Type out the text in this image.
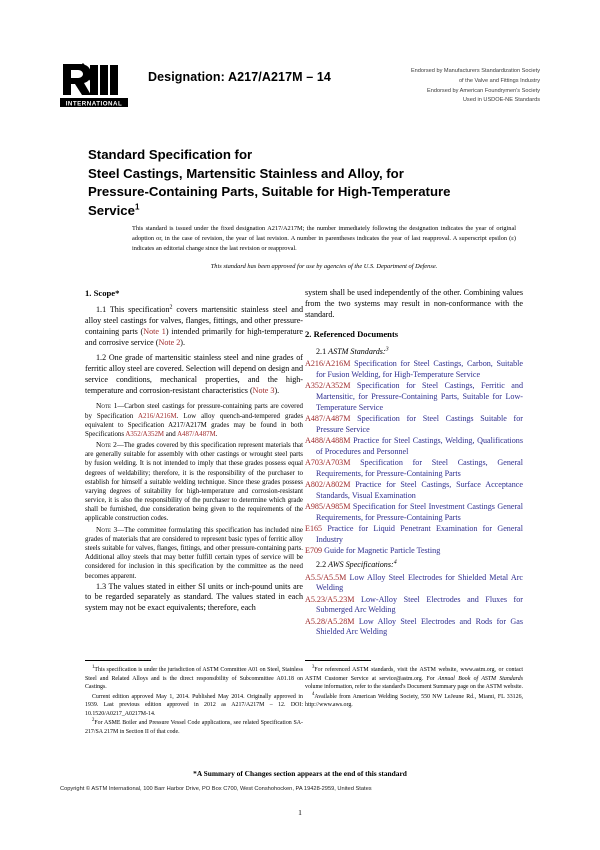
INTERNATIONAL
Designation: A217/A217M – 14	Endorsed by Manufacturers Standardization Society
of the Valve and Fittings Industry
Endorsed by American Foundrymen's Society
Used in USDOE-NE Standards
Standard Specification for
Steel Castings, Martensitic Stainless and Alloy, for
Pressure-Containing Parts, Suitable for High-Temperature
Service$^1$
This standard is issued under the fixed designation A217/A217M; the number immediately following the designation indicates the year of original adoption or, in the case of revision, the year of last revision. A number in parentheses indicates the year of last reapproval. A superscript epsilon (ε) indicates an editorial change since the last revision or reapproval.
This standard has been approved for use by agencies of the U.S. Department of Defense.
1. Scope*

1.1 This specification$^2$ covers martensitic stainless steel and alloy steel castings for valves, flanges, fittings, and other pressure-containing parts (Note 1) intended primarily for high-temperature and corrosive service (Note 2).

1.2 One grade of martensitic stainless steel and nine grades of ferritic alloy steel are covered. Selection will depend on design and service conditions, mechanical properties, and the high-temperature and corrosion-resistant characteristics (Note 3).

Note 1—Carbon steel castings for pressure-containing parts are covered by Specification A216/A216M. Low alloy quench-and-tempered grades equivalent to Specification A217/A217M grades may be found in both Specifications A352/A352M and A487/A487M.

Note 2—The grades covered by this specification represent materials that are generally suitable for assembly with other castings or wrought steel parts by fusion welding. It is not intended to imply that these grades possess equal degrees of weldability; therefore, it is the responsibility of the purchaser to establish for himself a suitable welding technique. Since these grades possess varying degrees of suitability for high-temperature and corrosion-resistant service, it is also the responsibility of the purchaser to determine which grade shall be furnished, due consideration being given to the requirements of the applicable construction codes.

Note 3—The committee formulating this specification has included nine grades of materials that are considered to represent basic types of ferritic alloy steels suitable for valves, flanges, fittings, and other pressure-containing parts. Additional alloy steels that may better fulfill certain types of service will be considered for inclusion in this specification by the committee as the need becomes apparent.

1.3 The values stated in either SI units or inch-pound units are to be regarded separately as standard. The values stated in each system may not be exact equivalents; therefore, each

system shall be used independently of the other. Combining values from the two systems may result in non-conformance with the standard.

2. Referenced Documents

2.1 ASTM Standards:$^3$

A216/A216M Specification for Steel Castings, Carbon, Suitable for Fusion Welding, for High-Temperature Service
A352/A352M Specification for Steel Castings, Ferritic and Martensitic, for Pressure-Containing Parts, Suitable for Low-Temperature Service
A487/A487M Specification for Steel Castings Suitable for Pressure Service
A488/A488M Practice for Steel Castings, Welding, Qualifications of Procedures and Personnel
A703/A703M Specification for Steel Castings, General Requirements, for Pressure-Containing Parts
A802/A802M Practice for Steel Castings, Surface Acceptance Standards, Visual Examination
A985/A985M Specification for Steel Investment Castings General Requirements, for Pressure-Containing Parts
E165 Practice for Liquid Penetrant Examination for General Industry
E709 Guide for Magnetic Particle Testing

2.2 AWS Specifications:$^4$

A5.5/A5.5M Low Alloy Steel Electrodes for Shielded Metal Arc Welding
A5.23/A5.23M Low-Alloy Steel Electrodes and Fluxes for Submerged Arc Welding
A5.28/A5.28M Low Alloy Steel Electrodes and Rods for Gas Shielded Arc Welding

$^1$This specification is under the jurisdiction of ASTM Committee A01 on Steel, Stainless Steel and Related Alloys and is the direct responsibility of Subcommittee A01.18 on Castings.

Current edition approved May 1, 2014. Published May 2014. Originally approved in 1939. Last previous edition approved in 2012 as A217/A217M – 12. DOI: 10.1520/A0217_A0217M-14.

$^2$For ASME Boiler and Pressure Vessel Code applications, see related Specification SA-217/SA 217M in Section II of that code.

$^3$For referenced ASTM standards, visit the ASTM website, www.astm.org, or contact ASTM Customer Service at service@astm.org. For Annual Book of ASTM Standards volume information, refer to the standard's Document Summary page on the ASTM website.

$^4$Available from American Welding Society, 550 NW LeJeune Rd., Miami, FL 33126, http://www.aws.org.

*A Summary of Changes section appears at the end of this standard
Copyright © ASTM International, 100 Barr Harbor Drive, PO Box C700, West Conshohocken, PA 19428-2959, United States
1
